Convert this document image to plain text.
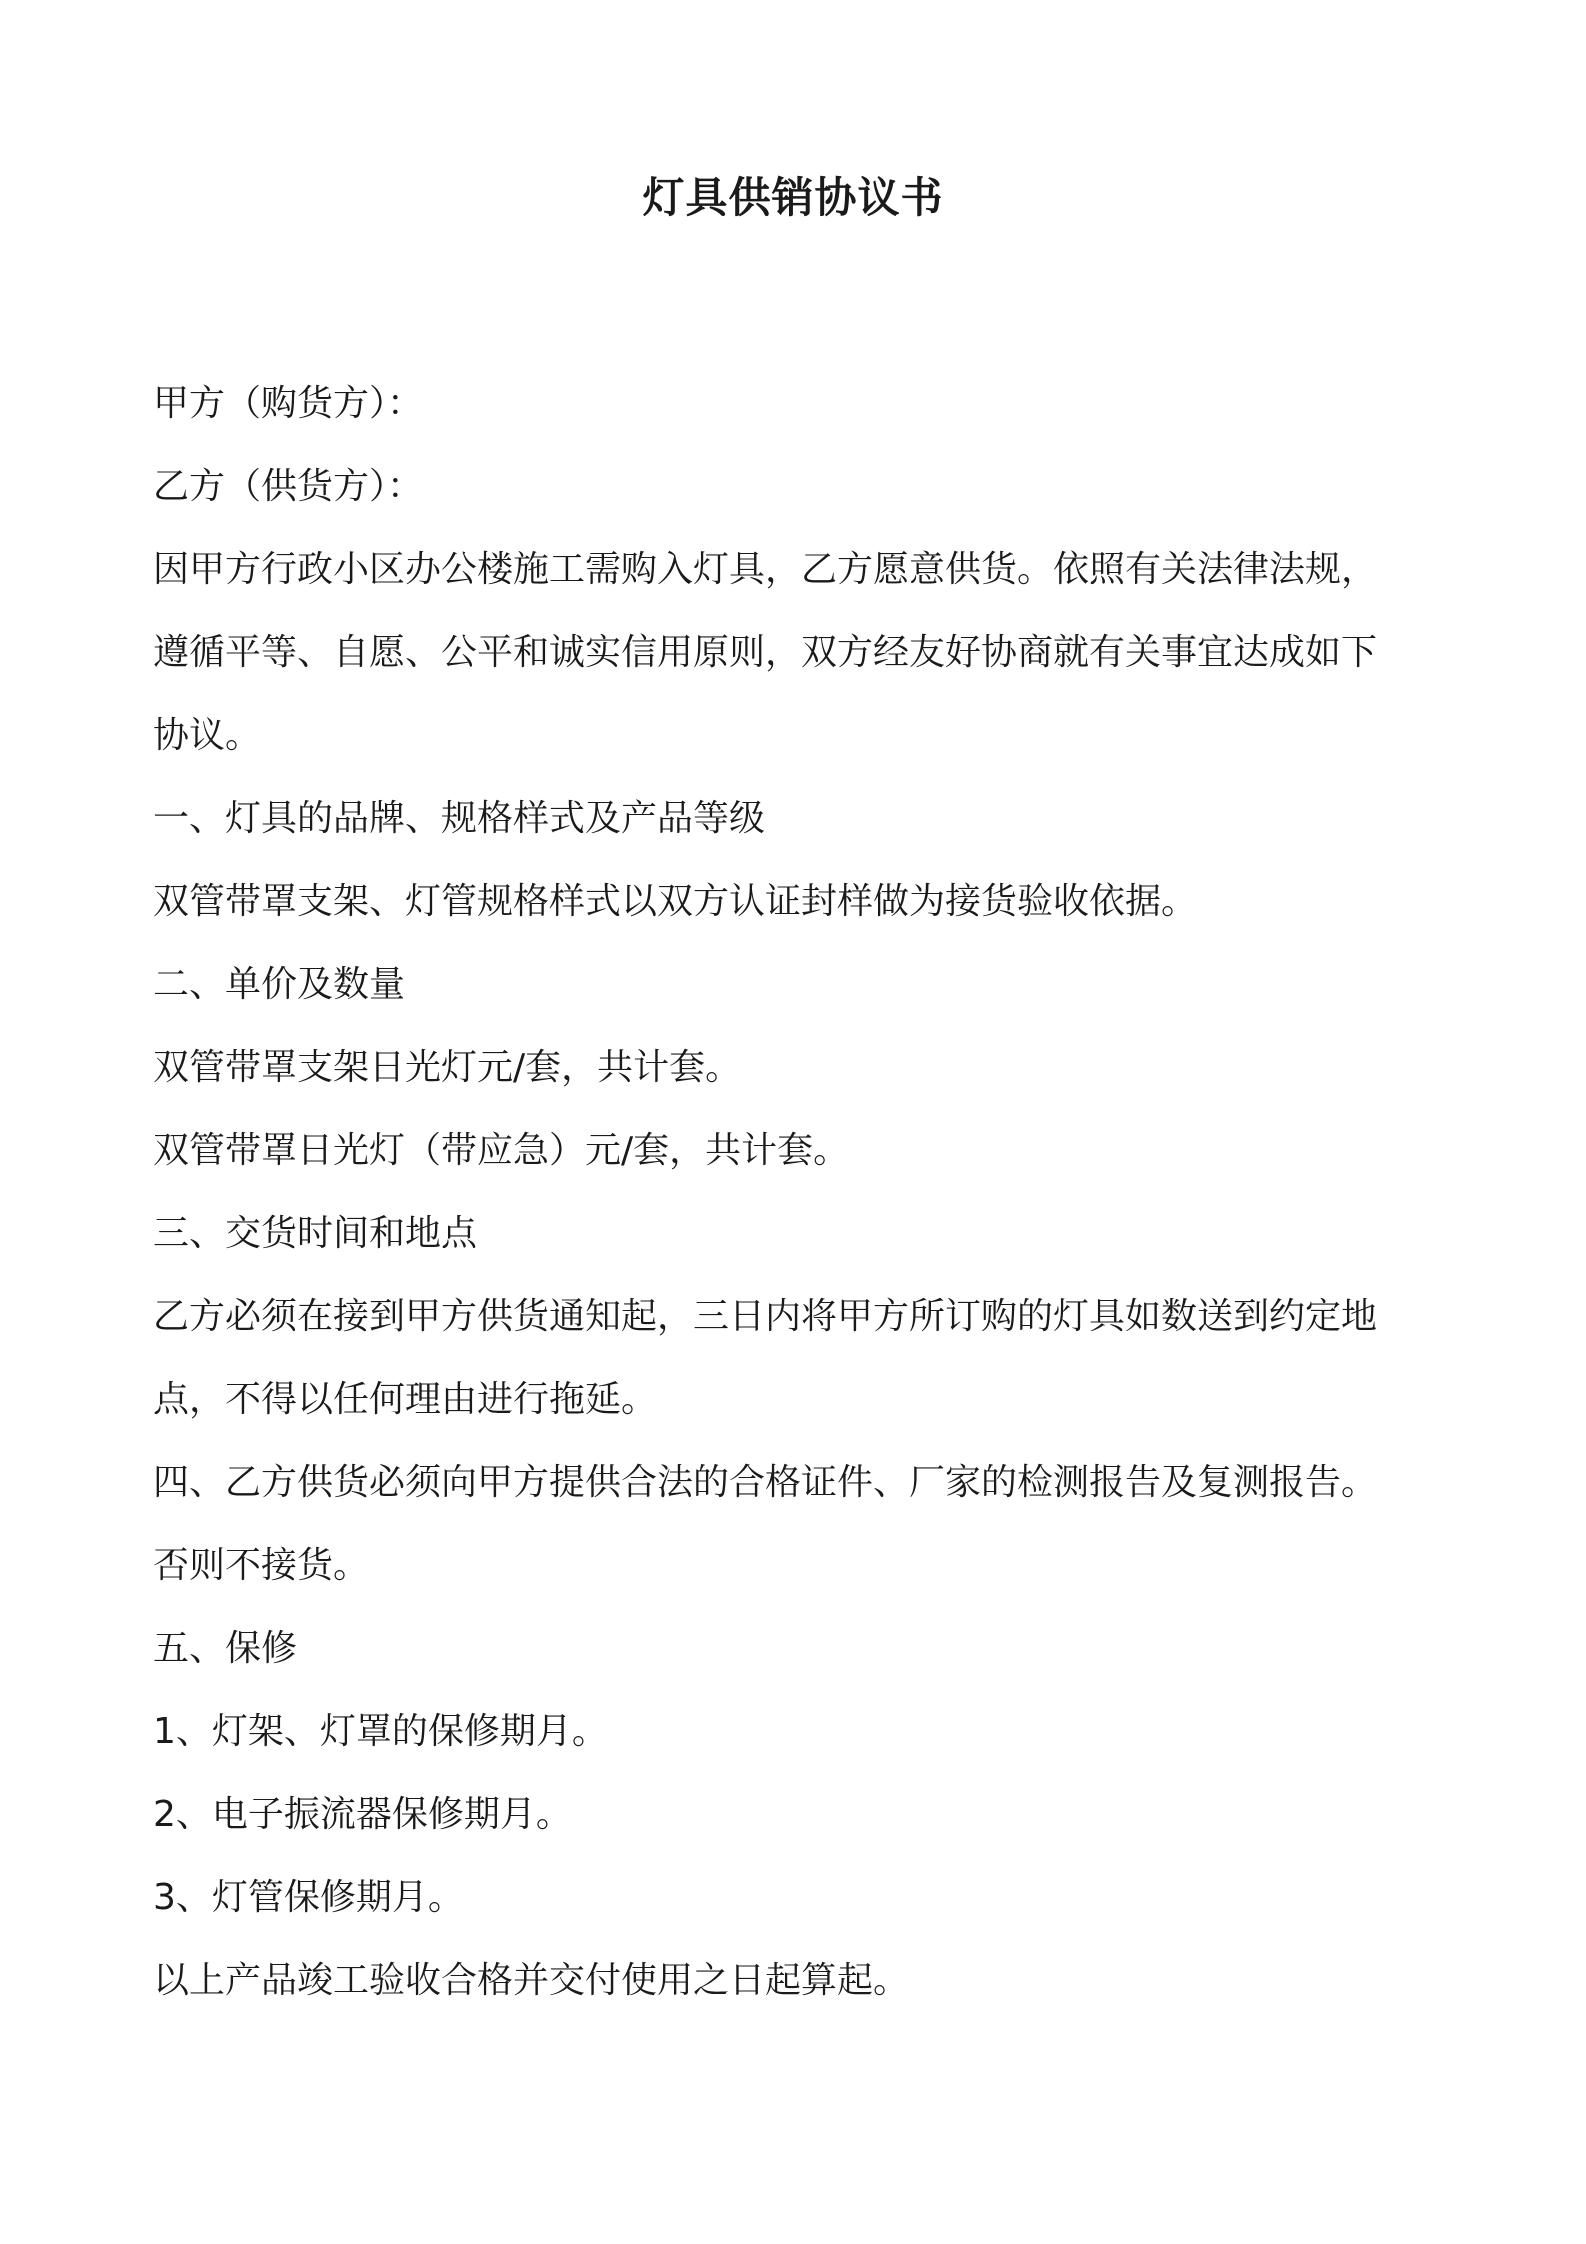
灯具供销协议书
甲方（购货方）：
乙方（供货方）：
因甲方行政小区办公楼施工需购入灯具，乙方愿意供货。依照有关法律法规，
遵循平等、自愿、公平和诚实信用原则，双方经友好协商就有关事宜达成如下
协议。
一、灯具的品牌、规格样式及产品等级
双管带罩支架、灯管规格样式以双方认证封样做为接货验收依据。
二、单价及数量
双管带罩支架日光灯元/套，共计套。
双管带罩日光灯（带应急）元/套，共计套。
三、交货时间和地点
乙方必须在接到甲方供货通知起，三日内将甲方所订购的灯具如数送到约定地
点，不得以任何理由进行拖延。
四、乙方供货必须向甲方提供合法的合格证件、厂家的检测报告及复测报告。
否则不接货。
五、保修
1、灯架、灯罩的保修期月。
2、电子振流器保修期月。
3、灯管保修期月。
以上产品竣工验收合格并交付使用之日起算起。
